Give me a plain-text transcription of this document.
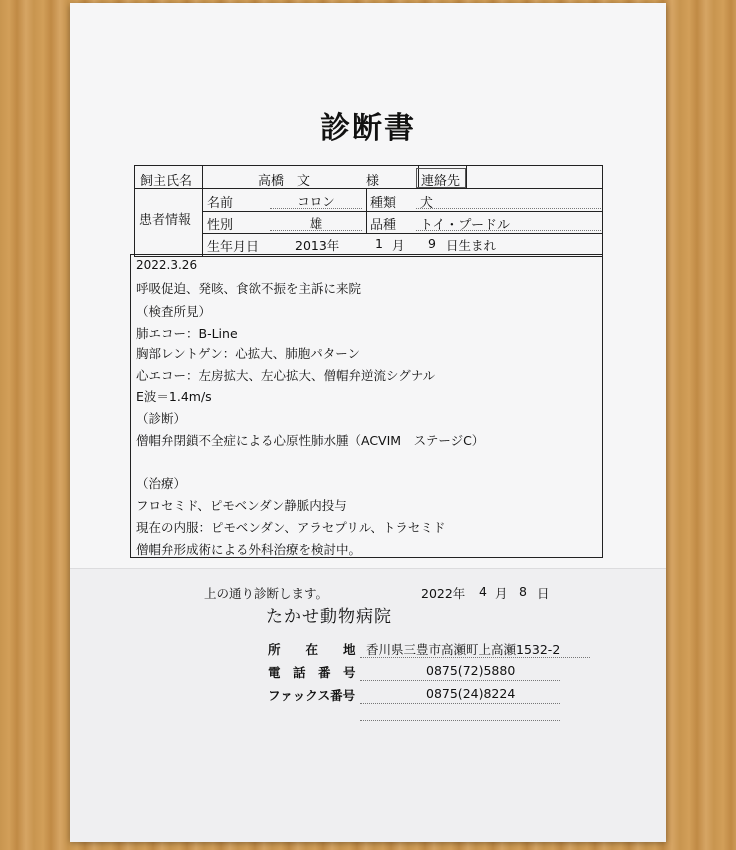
診断書
飼主氏名	高橋　文	様	連絡先
患者情報
名前	コロン	種類 犬
性別	雄	品種 トイ・プードル
生年月日	2013年	1 月 9 日生まれ
2022.3.26
呼吸促迫、発咳、食欲不振を主訴に来院
（検査所見）
肺エコー：B-Line
胸部レントゲン：心拡大、肺胞パターン
心エコー：左房拡大、左心拡大、僧帽弁逆流シグナル
E波＝1.4m/s
（診断）
僧帽弁閉鎖不全症による心原性肺水腫（ACVIM　ステージC）
（治療）
フロセミド、ピモベンダン静脈内投与
現在の内服：ピモベンダン、アラセプリル、トラセミド
僧帽弁形成術による外科治療を検討中。
上の通り診断します。	2022年 4 月 8 日
たかせ動物病院
所　　在　　地 香川県三豊市高瀬町上高瀬1532-2
電　話　番　号	0875(72)5880
ファックス番号	0875(24)8224
